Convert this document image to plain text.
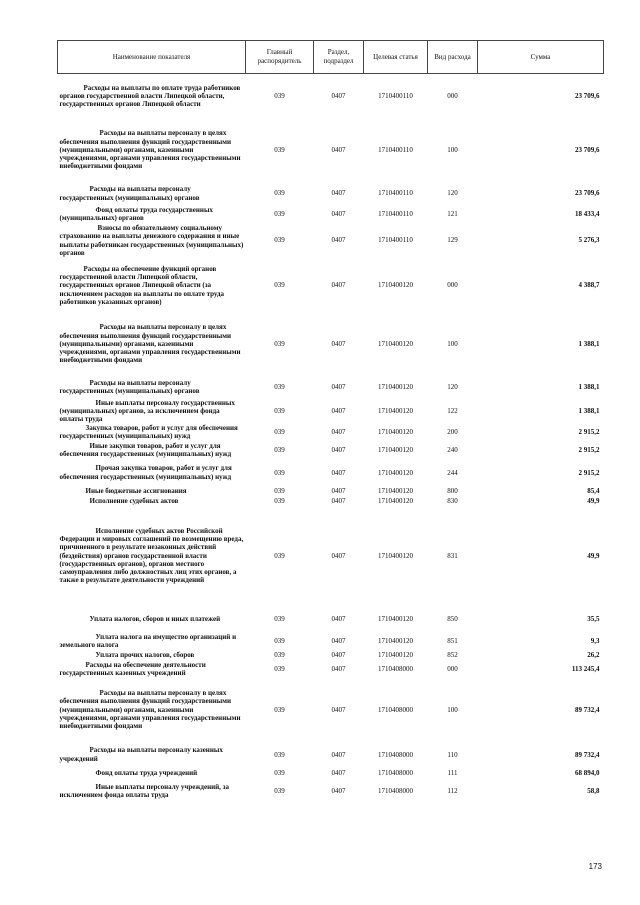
Наименование показателя	Главный распорядитель	Раздел, подраздел	Целевая статья	Вид расхода	Сумма
Расходы на выплаты по оплате труда работников органов государственной власти Липецкой области, государственных органов Липецкой области	039	0407	1710400110	000	23 709,6
Расходы на выплаты персоналу в целях обеспечения выполнения функций государственными (муниципальными) органами, казенными учреждениями, органами управления государственными внебюджетными фондами	039	0407	1710400110	100	23 709,6
Расходы на выплаты персоналу государственных (муниципальных) органов	039	0407	1710400110	120	23 709,6
Фонд оплаты труда государственных (муниципальных) органов	039	0407	1710400110	121	18 433,4
Взносы по обязательному социальному страхованию на выплаты денежного содержания и иные выплаты работникам государственных (муниципальных) органов	039	0407	1710400110	129	5 276,3
Расходы на обеспечение функций органов государственной власти Липецкой области, государственных органов Липецкой области (за исключением расходов на выплаты по оплате труда работников указанных органов)	039	0407	1710400120	000	4 388,7
Расходы на выплаты персоналу в целях обеспечения выполнения функций государственными (муниципальными) органами, казенными учреждениями, органами управления государственными внебюджетными фондами	039	0407	1710400120	100	1 388,1
Расходы на выплаты персоналу государственных (муниципальных) органов	039	0407	1710400120	120	1 388,1
Иные выплаты персоналу государственных (муниципальных) органов, за исключением фонда оплаты труда	039	0407	1710400120	122	1 388,1
Закупка товаров, работ и услуг для обеспечения государственных (муниципальных) нужд	039	0407	1710400120	200	2 915,2
Иные закупки товаров, работ и услуг для обеспечения государственных (муниципальных) нужд	039	0407	1710400120	240	2 915,2
Прочая закупка товаров, работ и услуг для обеспечения государственных (муниципальных) нужд	039	0407	1710400120	244	2 915,2
Иные бюджетные ассигнования	039	0407	1710400120	800	85,4
Исполнение судебных актов	039	0407	1710400120	830	49,9
Исполнение судебных актов Российской Федерации и мировых соглашений по возмещению вреда, причиненного в результате незаконных действий (бездействия) органов государственной власти (государственных органов), органов местного самоуправления либо должностных лиц этих органов, а также в результате деятельности учреждений	039	0407	1710400120	831	49,9
Уплата налогов, сборов и иных платежей	039	0407	1710400120	850	35,5
Уплата налога на имущество организаций и земельного налога	039	0407	1710400120	851	9,3
Уплата прочих налогов, сборов	039	0407	1710400120	852	26,2
Расходы на обеспечение деятельности государственных казенных учреждений	039	0407	1710408000	000	113 245,4
Расходы на выплаты персоналу в целях обеспечения выполнения функций государственными (муниципальными) органами, казенными учреждениями, органами управления государственными внебюджетными фондами	039	0407	1710408000	100	89 732,4
Расходы на выплаты персоналу казенных учреждений	039	0407	1710408000	110	89 732,4
Фонд оплаты труда учреждений	039	0407	1710408000	111	68 894,0
Иные выплаты персоналу учреждений, за исключением фонда оплаты труда	039	0407	1710408000	112	58,8
173
